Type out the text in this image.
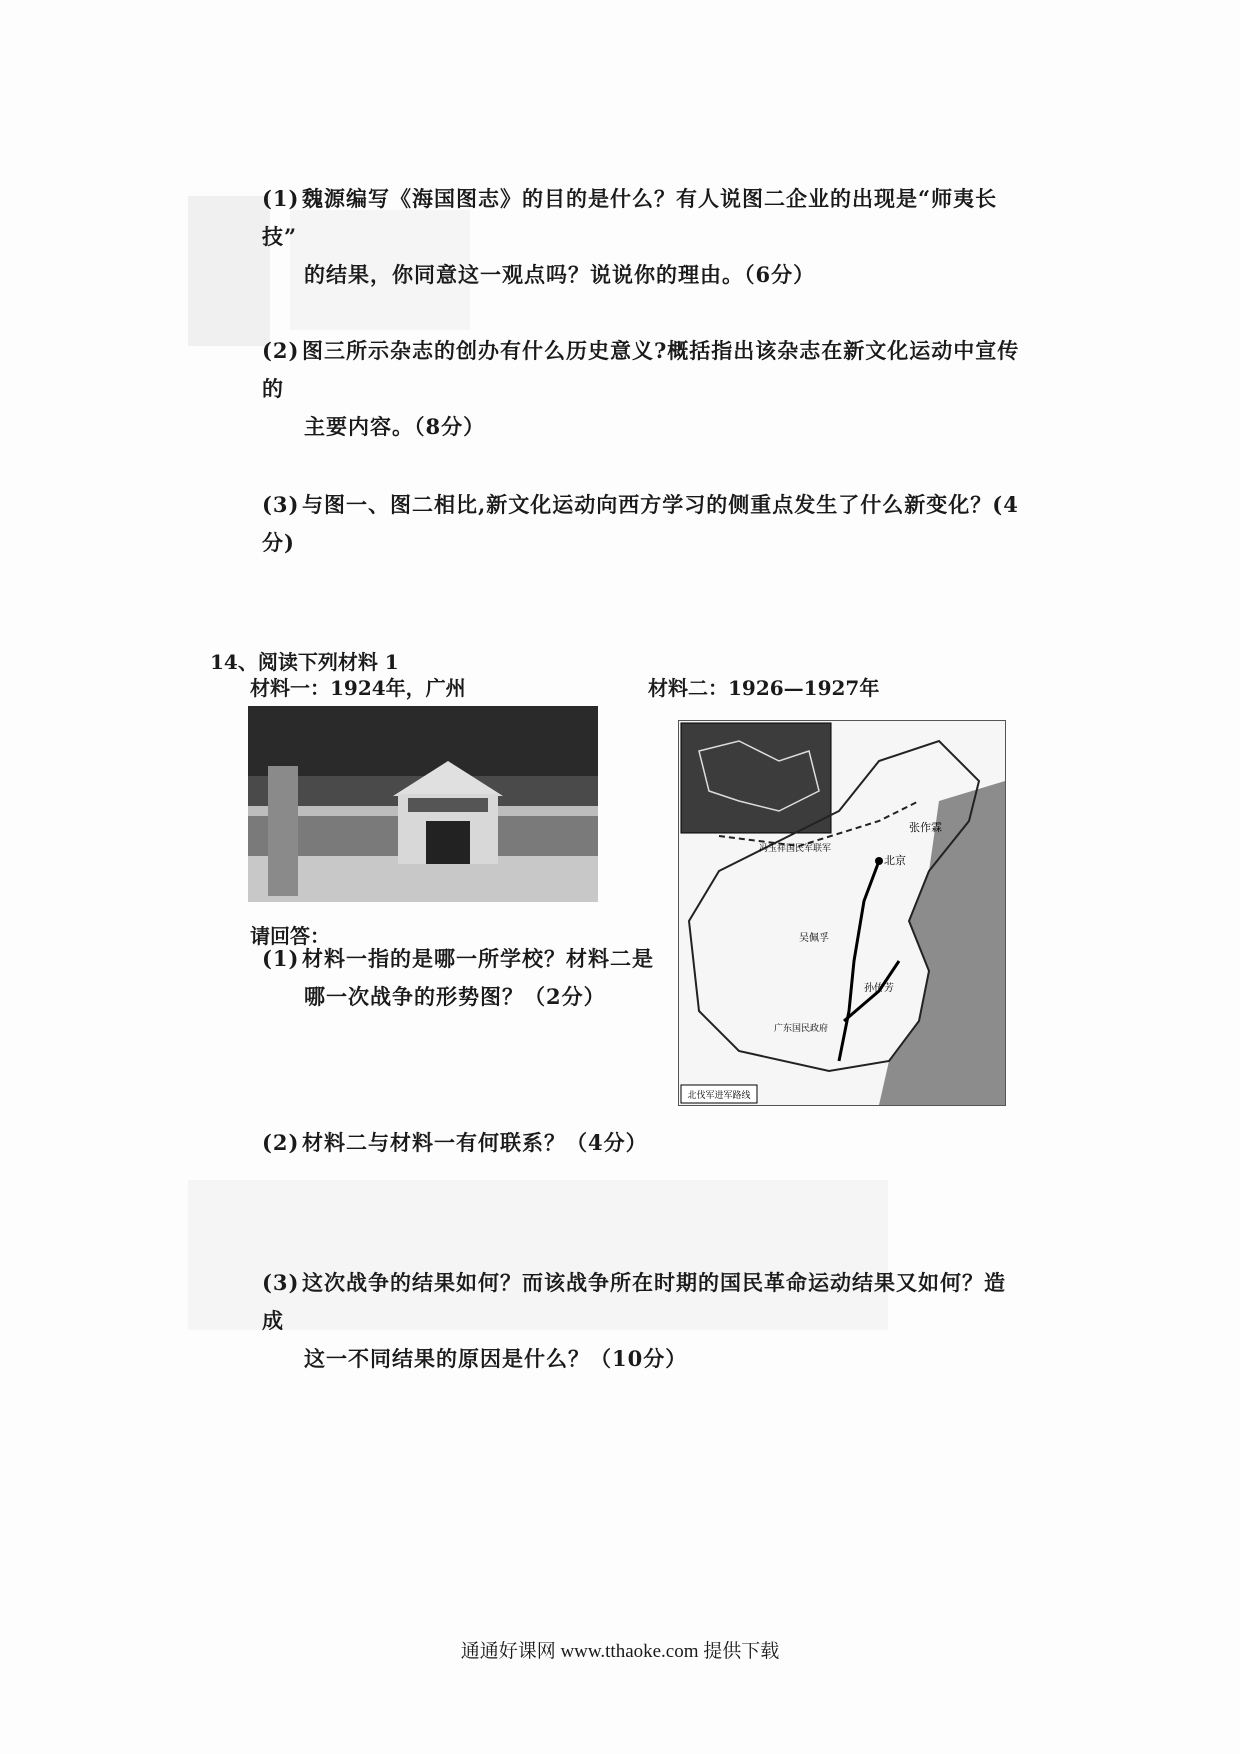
(1) 魏源编写《海国图志》的目的是什么？有人说图二企业的出现是“师夷长技”
的结果，你同意这一观点吗？说说你的理由。（6分）
(2) 图三所示杂志的创办有什么历史意义?概括指出该杂志在新文化运动中宣传的
主要内容。（8分）
(3) 与图一、图二相比,新文化运动向西方学习的侧重点发生了什么新变化？(4分)
14、阅读下列材料 1
材料一：1924年，广州	材料二：1926—1927年
请回答：
(1) 材料一指的是哪一所学校？材料二是
哪一次战争的形势图？（2分）
北伐军进军路线
张作霖
北京
冯玉祥国民军联军
吴佩孚
孙传芳
广东国民政府
(2) 材料二与材料一有何联系？（4分）
(3) 这次战争的结果如何？而该战争所在时期的国民革命运动结果又如何？造成
这一不同结果的原因是什么？（10分）
通通好课网 www.tthaoke.com 提供下载
